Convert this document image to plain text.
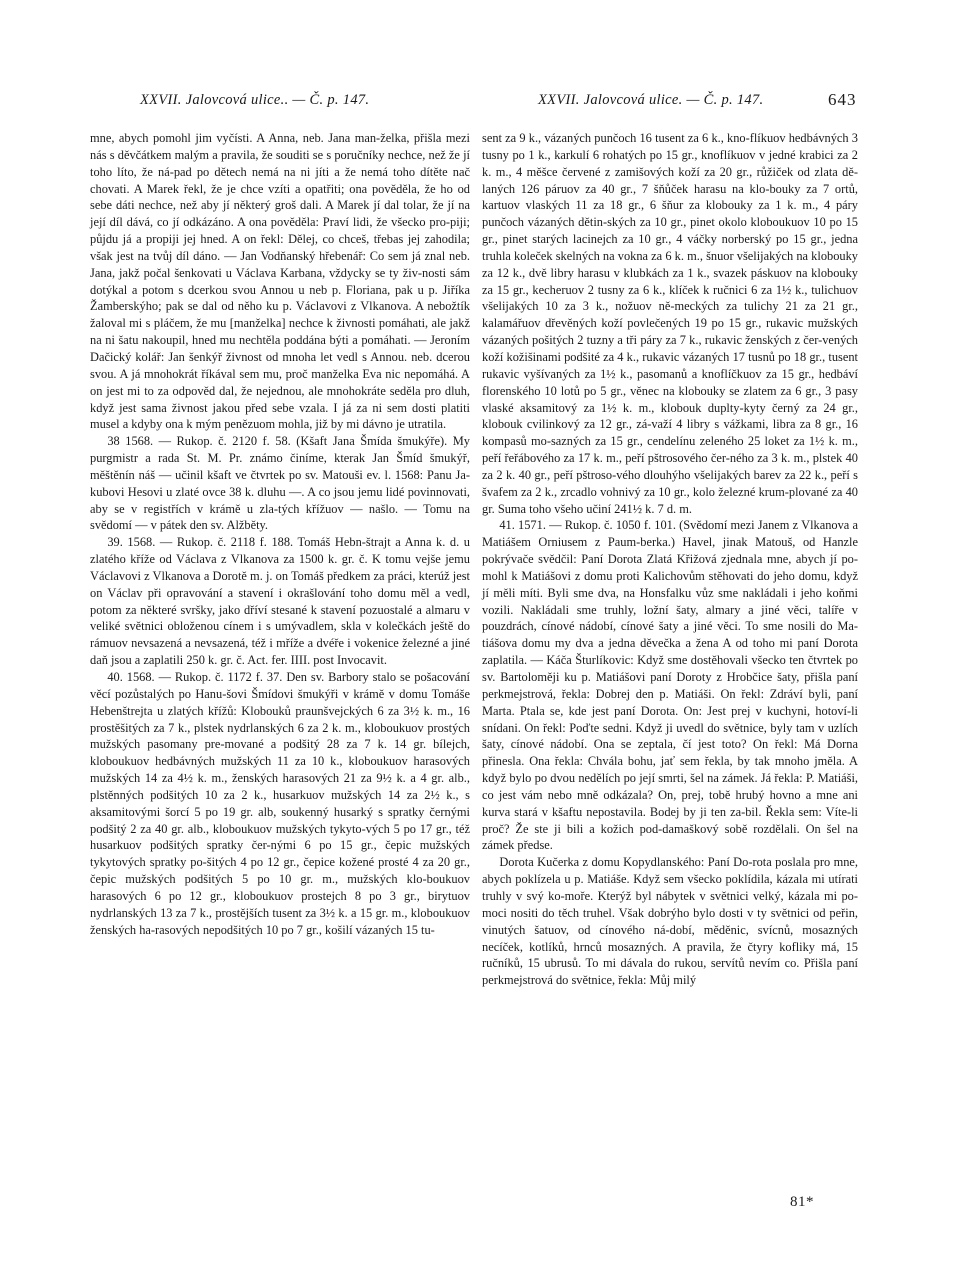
XXVII. Jalovcová ulice.. — Č. p. 147.	XXVII. Jalovcová ulice. — Č. p. 147.	643

mne, abych pomohl jim vyčísti. A Anna, neb. Jana man-želka, přišla mezi nás s děvčátkem malým a pravila, že souditi se s poručníky nechce, než že jí toho líto, že ná-pad po dětech nemá na ni jíti a že nemá toho dítěte nač chovati. A Marek řekl, že je chce vzíti a opatřiti; ona pověděla, že ho od sebe dáti nechce, než aby jí některý groš dali. A Marek jí dal tolar, že jí na její díl dává, co jí odkázáno. A ona pověděla: Praví lidi, že všecko pro-piji; půjdu já a propiji jej hned. A on řekl: Dělej, co chceš, třebas jej zahodila; však jest na tvůj díl dáno. — Jan Vodňanský hřebenář: Co sem já znal neb. Jana, jakž počal šenkovati u Václava Karbana, vždycky se ty živ-nosti sám dotýkal a potom s dcerkou svou Annou u neb p. Floriana, pak u p. Jiříka Žamberskýho; pak se dal od něho ku p. Václavovi z Vlkanova. A nebožtík žaloval mi s pláčem, že mu [manželka] nechce k živnosti pomáhati, ale jakž na ni šatu nakoupil, hned mu nechtěla poddána býti a pomáhati. — Jeroním Dačický kolář: Jan šenkýř živnost od mnoha let vedl s Annou. neb. dcerou svou. A já mnohokrát říkával sem mu, proč manželka Eva nic nepomáhá. A on jest mi to za odpověd dal, že nejednou, ale mnohokráte seděla pro dluh, když jest sama živnost jakou před sebe vzala. I já za ni sem dosti platiti musel a kdyby ona k mým penězuom mohla, již by mi dávno je utratila.

38 1568. — Rukop. č. 2120 f. 58. (Kšaft Jana Šmída šmukýře). My purgmistr a rada St. M. Pr. známo činíme, kterak Jan Šmíd šmukýř, měštěnín náš — učinil kšaft ve čtvrtek po sv. Matouši ev. l. 1568: Panu Ja-kubovi Hesovi u zlaté ovce 38 k. dluhu —. A co jsou jemu lidé povinnovati, aby se v registřích v krámě u zla-tých křížuov — našlo. — Tomu na svědomí — v pátek den sv. Alžběty.

39. 1568. — Rukop. č. 2118 f. 188. Tomáš Hebn-štrajt a Anna k. d. u zlatého kříže od Václava z Vlkanova za 1500 k. gr. č. K tomu vejše jemu Václavovi z Vlkanova a Dorotě m. j. on Tomáš předkem za práci, kterúž jest on Václav při opravování a stavení i okrašlování toho domu měl a vedl, potom za některé svršky, jako dříví stesané k stavení pozuostalé a almaru v veliké světnici obloženou cínem i s umývadlem, skla v kolečkách ještě do rámuov nevsazená a nevsazená, též i mříže a dvéře i vokenice železné a jiné daň jsou a zaplatili 250 k. gr. č. Act. fer. IIII. post Invocavit.

40. 1568. — Rukop. č. 1172 f. 37. Den sv. Barbory stalo se pošacování věcí pozůstalých po Hanu-šovi Šmídovi šmukýři v krámě v domu Tomáše Hebenštrejta u zlatých křížů: Klobouků praunšvejckých 6 za 3½ k. m., 16 prostěšitých za 7 k., plstek nydrlanských 6 za 2 k. m., kloboukuov prostých mužských pasomany pre-mované a podšitý 28 za 7 k. 14 gr. bílejch, kloboukuov hedbávných mužských 11 za 10 k., kloboukuov harasových mužských 14 za 4½ k. m., ženských harasových 21 za 9½ k. a 4 gr. alb., plstěnných podšitých 10 za 2 k., husarkuov mužských 14 za 2½ k., s aksamitovými šorcí 5 po 19 gr. alb, soukenný husarký s spratky černými podšitý 2 za 40 gr. alb., kloboukuov mužských tykyto-vých 5 po 17 gr., též husarkuov podšitých spratky čer-nými 6 po 15 gr., čepic mužských tykytových spratky po-šitých 4 po 12 gr., čepice kožené prosté 4 za 20 gr., čepic mužských podšitých 5 po 10 gr. m., mužských klo-boukuov harasových 6 po 12 gr., kloboukuov prostejch 8 po 3 gr., birytuov nydrlanských 13 za 7 k., prostějších tusent za 3½ k. a 15 gr. m., kloboukuov ženských ha-rasových nepodšitých 10 po 7 gr., košilí vázaných 15 tu-

sent za 9 k., vázaných punčoch 16 tusent za 6 k., kno-flíkuov hedbávných 3 tusny po 1 k., karkulí 6 rohatých po 15 gr., knoflíkuov v jedné krabici za 2 k. m., 4 měšce červené z zamišových koží za 20 gr., růžiček od zlata dě-laných 126 páruov za 40 gr., 7 šňůček harasu na klo-bouky za 7 ortů, kartuov vlaských 11 za 18 gr., 6 šňur za klobouky za 1 k. m., 4 páry punčoch vázaných dětin-ských za 10 gr., pinet okolo kloboukuov 10 po 15 gr., pinet starých lacinejch za 10 gr., 4 váčky norberský po 15 gr., jedna truhla koleček skelných na vokna za 6 k. m., šnuor všelijakých na klobouky za 12 k., dvě libry harasu v klubkách za 1 k., svazek páskuov na klobouky za 15 gr., kecheruov 2 tusny za 6 k., klíček k ručnici 6 za 1½ k., tulichuov všelijakých 10 za 3 k., nožuov ně-meckých za tulichy 21 za 21 gr., kalamářuov dřevěných koží povlečených 19 po 15 gr., rukavic mužských vázaných pošitých 2 tuzny a tři páry za 7 k., rukavic ženských z čer-vených koží kožišinami podšité za 4 k., rukavic vázaných 17 tusnů po 18 gr., tusent rukavic vyšívaných za 1½ k., pasomanů a knoflíčkuov za 15 gr., hedbáví florenského 10 lotů po 5 gr., věnec na klobouky se zlatem za 6 gr., 3 pasy vlaské aksamitový za 1½ k. m., klobouk duplty-kyty černý za 24 gr., klobouk cvilinkový za 12 gr., zá-važí 4 libry s vážkami, libra za 8 gr., 16 kompasů mo-sazných za 15 gr., cendelínu zeleného 25 loket za 1½ k. m., peří řeřábového za 17 k. m., peří pštrosového čer-ného za 3 k. m., plstek 40 za 2 k. 40 gr., peří pštroso-vého dlouhýho všelijakých barev za 22 k., peří s švafem za 2 k., zrcadlo vohnivý za 10 gr., kolo železné krum-plované za 40 gr. Suma toho všeho učiní 241½ k. 7 d. m.

41. 1571. — Rukop. č. 1050 f. 101. (Svědomí mezi Janem z Vlkanova a Matiášem Orniusem z Paum-berka.) Havel, jinak Matouš, od Hanzle pokrývače svědčil: Paní Dorota Zlatá Křižová zjednala mne, abych jí po-mohl k Matiášovi z domu proti Kalichovům stěhovati do jeho domu, když jí měli míti. Byli sme dva, na Honsfalku vůz sme nakládali i jeho koňmi vozili. Nakládali sme truhly, ložní šaty, almary a jiné věci, talíře v pouzdrách, cínové nádobí, cínové šaty a jiné věci. To sme nosili do Ma-tiášova domu my dva a jedna děvečka a žena A od toho mi paní Dorota zaplatila. — Káča Šturlíkovic: Když sme dostěhovali všecko ten čtvrtek po sv. Bartoloměji ku p. Matiášovi paní Doroty z Hrobčice šaty, přišla paní perkmejstrová, řekla: Dobrej den p. Matiáši. On řekl: Zdráví byli, paní Marta. Ptala se, kde jest paní Dorota. On: Jest prej v kuchyni, hotoví-li snídani. On řekl: Poďte sedni. Když ji uvedl do světnice, byly tam v uzlích šaty, cínové nádobí. Ona se zeptala, čí jest toto? On řekl: Má Dorna přinesla. Ona řekla: Chvála bohu, jať sem řekla, by tak mnoho jměla. A když bylo po dvou nedělích po její smrti, šel na zámek. Já řekla: P. Matiáši, co jest vám nebo mně odkázala? On, prej, tobě hrubý hovno a mne ani kurva stará v kšaftu nepostavila. Bodej by ji ten za-bil. Řekla sem: Víte-li proč? Že ste ji bili a kožich pod-damaškový sobě rozdělali. On šel na zámek předse.

Dorota Kučerka z domu Kopydlanského: Paní Do-rota poslala pro mne, abych poklízela u p. Matiáše. Když sem všecko poklídila, kázala mi utírati truhly v svý ko-moře. Kterýž byl nábytek v světnici velký, kázala mi po-moci nositi do těch truhel. Však dobrýho bylo dosti v ty světnici od peřin, vinutých šatuov, od cínového ná-dobí, měděnic, svícnů, mosazných necíček, kotlíků, hrnců mosazných. A pravila, že čtyry kofliky má, 15 ručníků, 15 ubrusů. To mi dávala do rukou, servítů nevím co. Přišla paní perkmejstrová do světnice, řekla: Můj milý

81*
